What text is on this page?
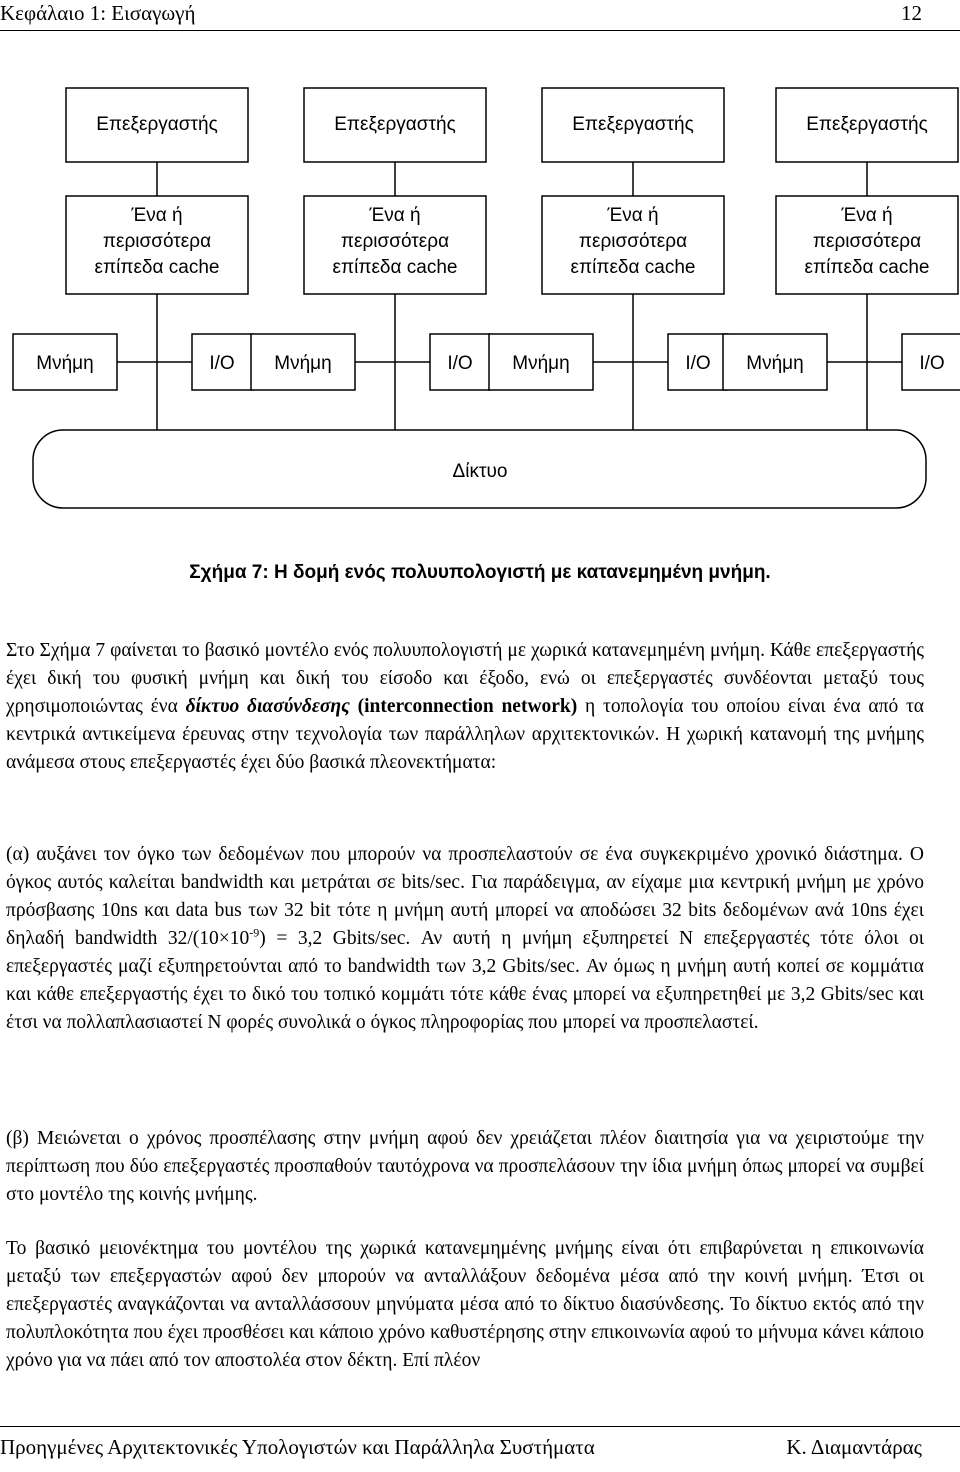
Κεφάλαιο 1: Εισαγωγή	12
Επεξεργαστής
Ένα ή
περισσότερα
επίπεδα cache
Μνήμη	I/O
Επεξεργαστής
Ένα ή
περισσότερα
επίπεδα cache
Μνήμη	I/O
Επεξεργαστής
Ένα ή
περισσότερα
επίπεδα cache
Μνήμη	I/O
Επεξεργαστής
Ένα ή
περισσότερα
επίπεδα cache
Μνήμη	I/O
Δίκτυο
Σχήμα 7: Η δομή ενός πολυυπολογιστή με κατανεμημένη μνήμη.

Στο Σχήμα 7 φαίνεται το βασικό μοντέλο ενός πολυυπολογιστή με χωρικά κατανεμημένη μνήμη. Κάθε επεξεργαστής έχει δική του φυσική μνήμη και δική του είσοδο και έξοδο, ενώ οι επεξεργαστές συνδέονται μεταξύ τους χρησιμοποιώντας ένα δίκτυο διασύνδεσης (interconnection network) η τοπολογία του οποίου είναι ένα από τα κεντρικά αντικείμενα έρευνας στην τεχνολογία των παράλληλων αρχιτεκτονικών. Η χωρική κατανομή της μνήμης ανάμεσα στους επεξεργαστές έχει δύο βασικά πλεονεκτήματα:

(α) αυξάνει τον όγκο των δεδομένων που μπορούν να προσπελαστούν σε ένα συγκεκριμένο χρονικό διάστημα. Ο όγκος αυτός καλείται bandwidth και μετράται σε bits/sec. Για παράδειγμα, αν είχαμε μια κεντρική μνήμη με χρόνο πρόσβασης 10ns και data bus των 32 bit τότε η μνήμη αυτή μπορεί να αποδώσει 32 bits δεδομένων ανά 10ns έχει δηλαδή bandwidth $32/(10\times 10^{-9}) = 3,2$ Gbits/sec. Αν αυτή η μνήμη εξυπηρετεί Ν επεξεργαστές τότε όλοι οι επεξεργαστές μαζί εξυπηρετούνται από το bandwidth των 3,2 Gbits/sec. Αν όμως η μνήμη αυτή κοπεί σε κομμάτια και κάθε επεξεργαστής έχει το δικό του τοπικό κομμάτι τότε κάθε ένας μπορεί να εξυπηρετηθεί με 3,2 Gbits/sec και έτσι να πολλαπλασιαστεί Ν φορές συνολικά ο όγκος πληροφορίας που μπορεί να προσπελαστεί.

(β) Μειώνεται ο χρόνος προσπέλασης στην μνήμη αφού δεν χρειάζεται πλέον διαιτησία για να χειριστούμε την περίπτωση που δύο επεξεργαστές προσπαθούν ταυτόχρονα να προσπελάσουν την ίδια μνήμη όπως μπορεί να συμβεί στο μοντέλο της κοινής μνήμης.

Το βασικό μειονέκτημα του μοντέλου της χωρικά κατανεμημένης μνήμης είναι ότι επιβαρύνεται η επικοινωνία μεταξύ των επεξεργαστών αφού δεν μπορούν να ανταλλάξουν δεδομένα μέσα από την κοινή μνήμη. Έτσι οι επεξεργαστές αναγκάζονται να ανταλλάσσουν μηνύματα μέσα από το δίκτυο διασύνδεσης. Το δίκτυο εκτός από την πολυπλοκότητα που έχει προσθέσει και κάποιο χρόνο καθυστέρησης στην επικοινωνία αφού το μήνυμα κάνει κάποιο χρόνο για να πάει από τον αποστολέα στον δέκτη. Επί πλέον

Προηγμένες Αρχιτεκτονικές Υπολογιστών και Παράλληλα Συστήματα	Κ. Διαμαντάρας
